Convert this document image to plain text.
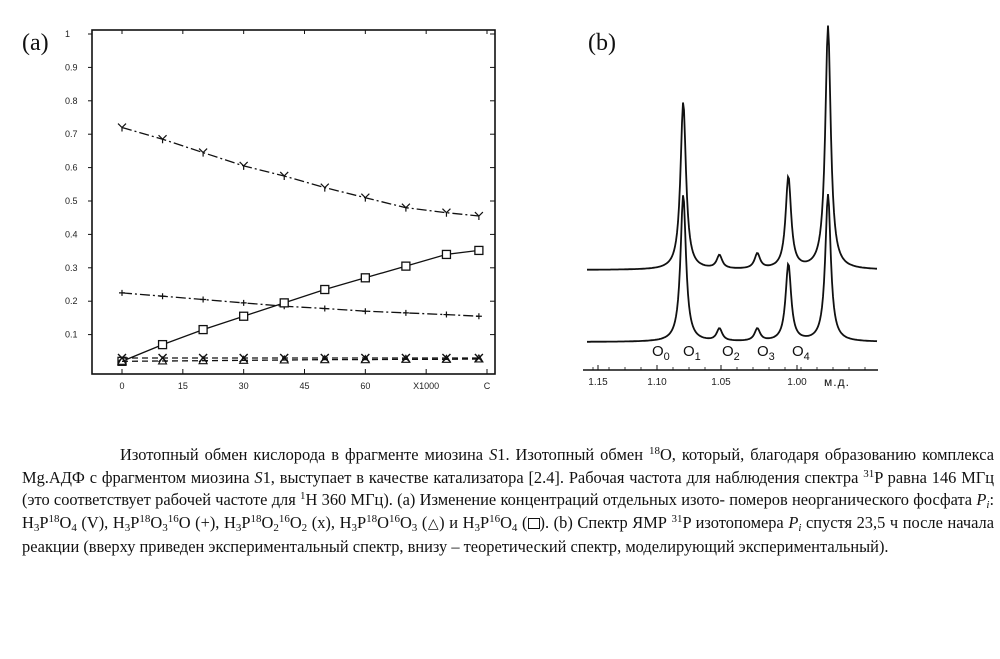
(a)
0.1
0.2
0.3
0.4
0.5
0.6
0.7
0.8
0.9
1
0	15	30	45	60	X1000	C
(b)
1.15	1.10	1.05	1.00 м.д.
$O_0$ $O_1$ $O_2$ $O_3$ $O_4$

Изотопный обмен кислорода в фрагменте миозина S1. Изотопный обмен $^{18}$O, который, благодаря образованию комплекса Mg.АДФ с фрагментом миозина S1, выступает в качестве катализатора [2.4]. Рабочая частота для наблюдения спектра $^{31}$P равна 146 МГц (это соответствует рабочей частоте для $^1$H 360 МГц). (a) Изменение концентраций отдельных изото- померов неорганического фосфата $P_i$: $H_3P^{18}O_4$ (V), $H_3P^{18}O_3^{16}O$ (+), $H_3P^{18}O_2^{16}O_2$ (x), $H_3P^{18}O^{16}O_3$ (△) и $H_3P^{16}O_4$ ( ). (b) Спектр ЯМР $^{31}$P изотопомера $P_i$ спустя 23,5 ч после начала реакции (вверху приведен экспериментальный спектр, внизу – теоретический спектр, моделирующий экспериментальный).
